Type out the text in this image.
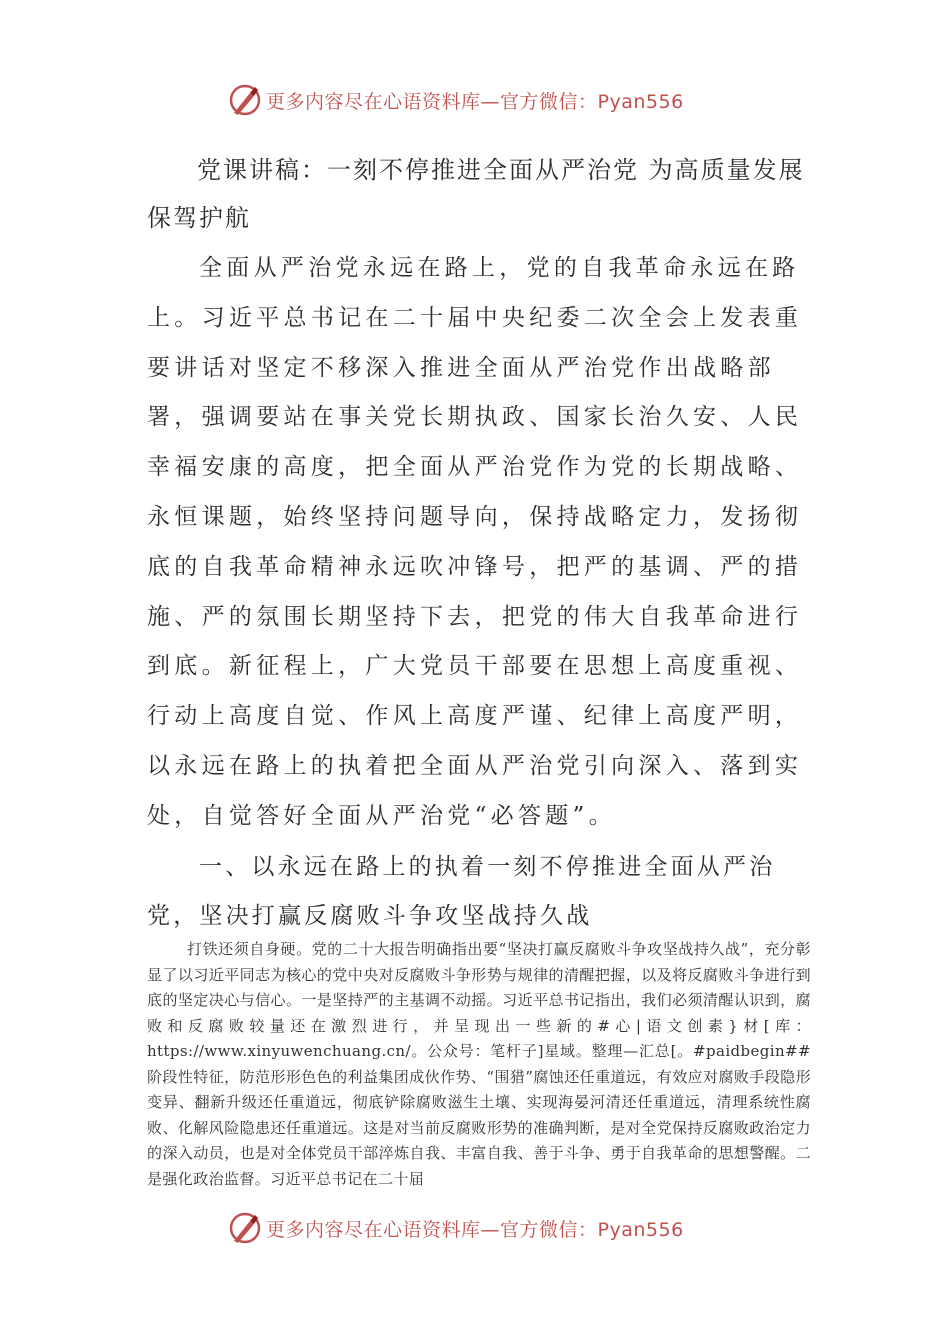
更多内容尽在心语资料库—官方微信：Pyan556
党课讲稿：一刻不停推进全面从严治党 为高质量发展保驾护航
全面从严治党永远在路上，党的自我革命永远在路上。习近平总书记在二十届中央纪委二次全会上发表重要讲话对坚定不移深入推进全面从严治党作出战略部署，强调要站在事关党长期执政、国家长治久安、人民幸福安康的高度，把全面从严治党作为党的长期战略、永恒课题，始终坚持问题导向，保持战略定力，发扬彻底的自我革命精神永远吹冲锋号，把严的基调、严的措施、严的氛围长期坚持下去，把党的伟大自我革命进行到底。新征程上，广大党员干部要在思想上高度重视、行动上高度自觉、作风上高度严谨、纪律上高度严明，以永远在路上的执着把全面从严治党引向深入、落到实处，自觉答好全面从严治党“必答题”。
一、以永远在路上的执着一刻不停推进全面从严治党，坚决打赢反腐败斗争攻坚战持久战
打铁还须自身硬。党的二十大报告明确指出要“坚决打赢反腐败斗争攻坚战持久战”，充分彰显了以习近平同志为核心的党中央对反腐败斗争形势与规律的清醒把握，以及将反腐败斗争进行到底的坚定决心与信心。一是坚持严的主基调不动摇。习近平总书记指出，我们必须清醒认识到，腐败和反腐败较量还在激烈进行，并呈现出一些新的#心|语文创素}材[库：https://www.xinyuwenchuang.cn/。公众号：笔杆子]星域。整理—汇总[。#paidbegin##阶段性特征，防范形形色色的利益集团成伙作势、“围猎”腐蚀还任重道远，有效应对腐败手段隐形变异、翻新升级还任重道远，彻底铲除腐败滋生土壤、实现海晏河清还任重道远，清理系统性腐败、化解风险隐患还任重道远。这是对当前反腐败形势的准确判断，是对全党保持反腐败政治定力的深入动员，也是对全体党员干部淬炼自我、丰富自我、善于斗争、勇于自我革命的思想警醒。二是强化政治监督。习近平总书记在二十届
更多内容尽在心语资料库—官方微信：Pyan556
